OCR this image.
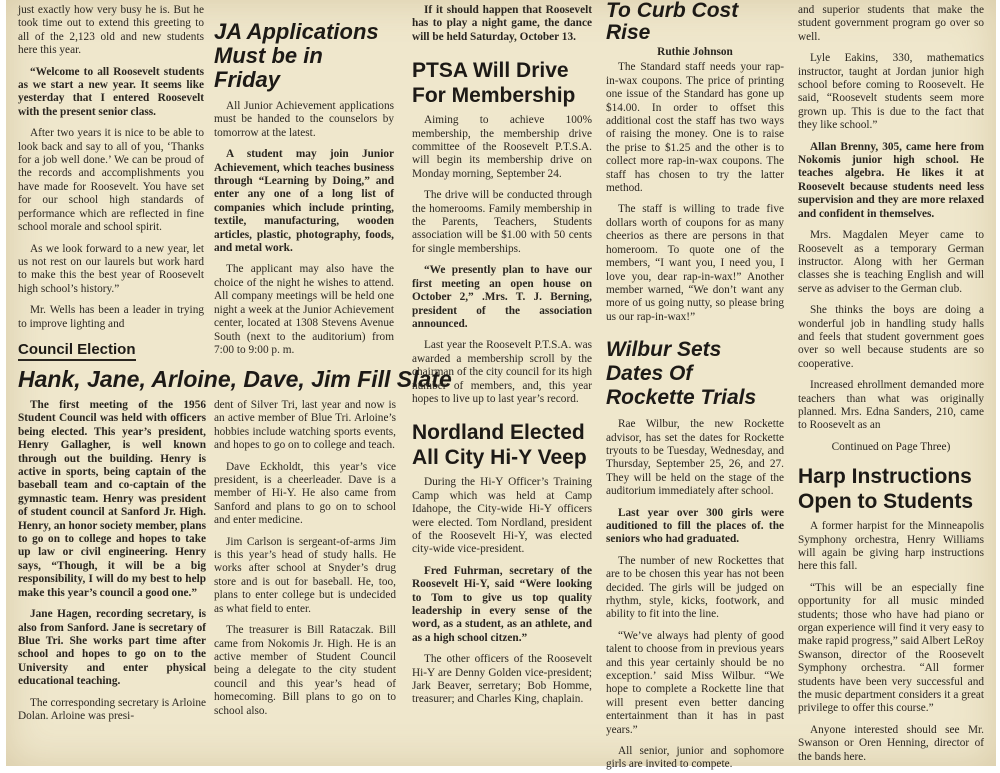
just exactly how very busy he is. But he took time out to extend this greeting to all of the 2,123 old and new students here this year.

“Welcome to all Roosevelt students as we start a new year. It seems like yesterday that I entered Roosevelt with the present senior class.

After two years it is nice to be able to look back and say to all of you, ‘Thanks for a job well done.’ We can be proud of the records and accomplishments you have made for Roosevelt. You have set for our school high standards of performance which are reflected in fine school morale and school spirit.

As we look forward to a new year, let us not rest on our laurels but work hard to make this the best year of Roosevelt high school’s history.”

Mr. Wells has been a leader in trying to improve lighting and

JA Applications Must be in Friday

All Junior Achievement applications must be handed to the counselors by tomorrow at the latest.

A student may join Junior Achievement, which teaches business through “Learning by Doing,” and enter any one of a long list of companies which include printing, textile, manufacturing, wooden articles, plastic, photography, foods, and metal work.

The applicant may also have the choice of the night he wishes to attend. All company meetings will be held one night a week at the Junior Achievement center, located at 1308 Stevens Avenue South (next to the auditorium) from 7:00 to 9:00 p. m.

Council Election
Hank, Jane, Arloine, Dave, Jim Fill Slate

The first meeting of the 1956 Student Council was held with officers being elected. This year’s president, Henry Gallagher, is well known through out the building. Henry is active in sports, being captain of the baseball team and co-captain of the gymnastic team. Henry was president of student council at Sanford Jr. High. Henry, an honor society member, plans to go on to college and hopes to take up law or civil engineering. Henry says, “Though, it will be a big responsibility, I will do my best to help make this year’s council a good one.”

Jane Hagen, recording secretary, is also from Sanford. Jane is secretary of Blue Tri. She works part time after school and hopes to go on to the University and enter physical educational teaching.

The corresponding secretary is Arloine Dolan. Arloine was presi-

dent of Silver Tri, last year and now is an active member of Blue Tri. Arloine’s hobbies include watching sports events, and hopes to go on to college and teach.

Dave Eckholdt, this year’s vice president, is a cheerleader. Dave is a member of Hi-Y. He also came from Sanford and plans to go on to school and enter medicine.

Jim Carlson is sergeant-of-arms Jim is this year’s head of study halls. He works after school at Snyder’s drug store and is out for baseball. He, too, plans to enter college but is undecided as what field to enter.

The treasurer is Bill Rataczak. Bill came from Nokomis Jr. High. He is an active member of Student Council being a delegate to the city student council and this year’s head of homecoming. Bill plans to go on to school also.

If it should happen that Roosevelt has to play a night game, the dance will be held Saturday, October 13.

PTSA Will Drive For Membership

Aiming to achieve 100% membership, the membership drive committee of the Roosevelt P.T.S.A. will begin its membership drive on Monday morning, September 24.

The drive will be conducted through the homerooms. Family membership in the Parents, Teachers, Students association will be $1.00 with 50 cents for single memberships.

“We presently plan to have our first meeting an open house on October 2,” .Mrs. T. J. Berning, president of the association announced.

Last year the Roosevelt P.T.S.A. was awarded a membership scroll by the chairman of the city council for its high number of members, and, this year hopes to live up to last year’s record.

Nordland Elected All City Hi-Y Veep

During the Hi-Y Officer’s Training Camp which was held at Camp Idahope, the City-wide Hi-Y officers were elected. Tom Nordland, president of the Roosevelt Hi-Y, was elected city-wide vice-president.

Fred Fuhrman, secretary of the Roosevelt Hi-Y, said “Were looking to Tom to give us top quality leadership in every sense of the word, as a student, as an athlete, and as a high school citzen.”

The other officers of the Roosevelt Hi-Y are Denny Golden vice-president; Jark Beaver, serretary; Bob Homme, treasurer; and Charles King, chaplain.

To Curb Cost Rise

Ruthie Johnson

The Standard staff needs your rap-in-wax coupons. The price of printing one issue of the Standard has gone up $14.00. In order to offset this additional cost the staff has two ways of raising the money. One is to raise the prise to $1.25 and the other is to collect more rap-in-wax coupons. The staff has chosen to try the latter method.

The staff is willing to trade five dollars worth of coupons for as many cheerios as there are persons in that homeroom. To quote one of the members, “I want you, I need you, I love you, dear rap-in-wax!” Another member warned, “We don’t want any more of us going nutty, so please bring us our rap-in-wax!”

Wilbur Sets Dates Of Rockette Trials

Rae Wilbur, the new Rockette advisor, has set the dates for Rockette tryouts to be Tuesday, Wednesday, and Thursday, September 25, 26, and 27. They will be held on the stage of the auditorium immediately after school.

Last year over 300 girls were auditioned to fill the places of. the seniors who had graduated.

The number of new Rockettes that are to be chosen this year has not been decided. The girls will be judged on rhythm, style, kicks, footwork, and ability to fit into the line.

“We’ve always had plenty of good talent to choose from in previous years and this year certainly should be no exception.’ said Miss Wilbur. “We hope to complete a Rockette line that will present even better dancing entertainment than it has in past years.”

All senior, junior and sophomore girls are invited to compete.

and superior students that make the student government program go over so well.

Lyle Eakins, 330, mathematics instructor, taught at Jordan junior high school before coming to Roosevelt. He said, “Roosevelt students seem more grown up. This is due to the fact that they like school.”

Allan Brenny, 305, came here from Nokomis junior high school. He teaches algebra. He likes it at Roosevelt because students need less supervision and they are more relaxed and confident in themselves.

Mrs. Magdalen Meyer came to Roosevelt as a temporary German instructor. Along with her German classes she is teaching English and will serve as adviser to the German club.

She thinks the boys are doing a wonderful job in handling study halls and feels that student government goes over so well because students are so cooperative.

Increased ehrollment demanded more teachers than what was originally planned. Mrs. Edna Sanders, 210, came to Roosevelt as an

Continued on Page Three)

Harp Instructions Open to Students

A former harpist for the Minneapolis Symphony orchestra, Henry Williams will again be giving harp instructions here this fall.

“This will be an especially fine opportunity for all music minded students; those who have had piano or organ experience will find it very easy to make rapid progress,” said Albert LeRoy Swanson, director of the Roosevelt Symphony orchestra. “All former students have been very successful and the music department considers it a great privilege to offer this course.”

Anyone interested should see Mr. Swanson or Oren Henning, director of the bands here.
